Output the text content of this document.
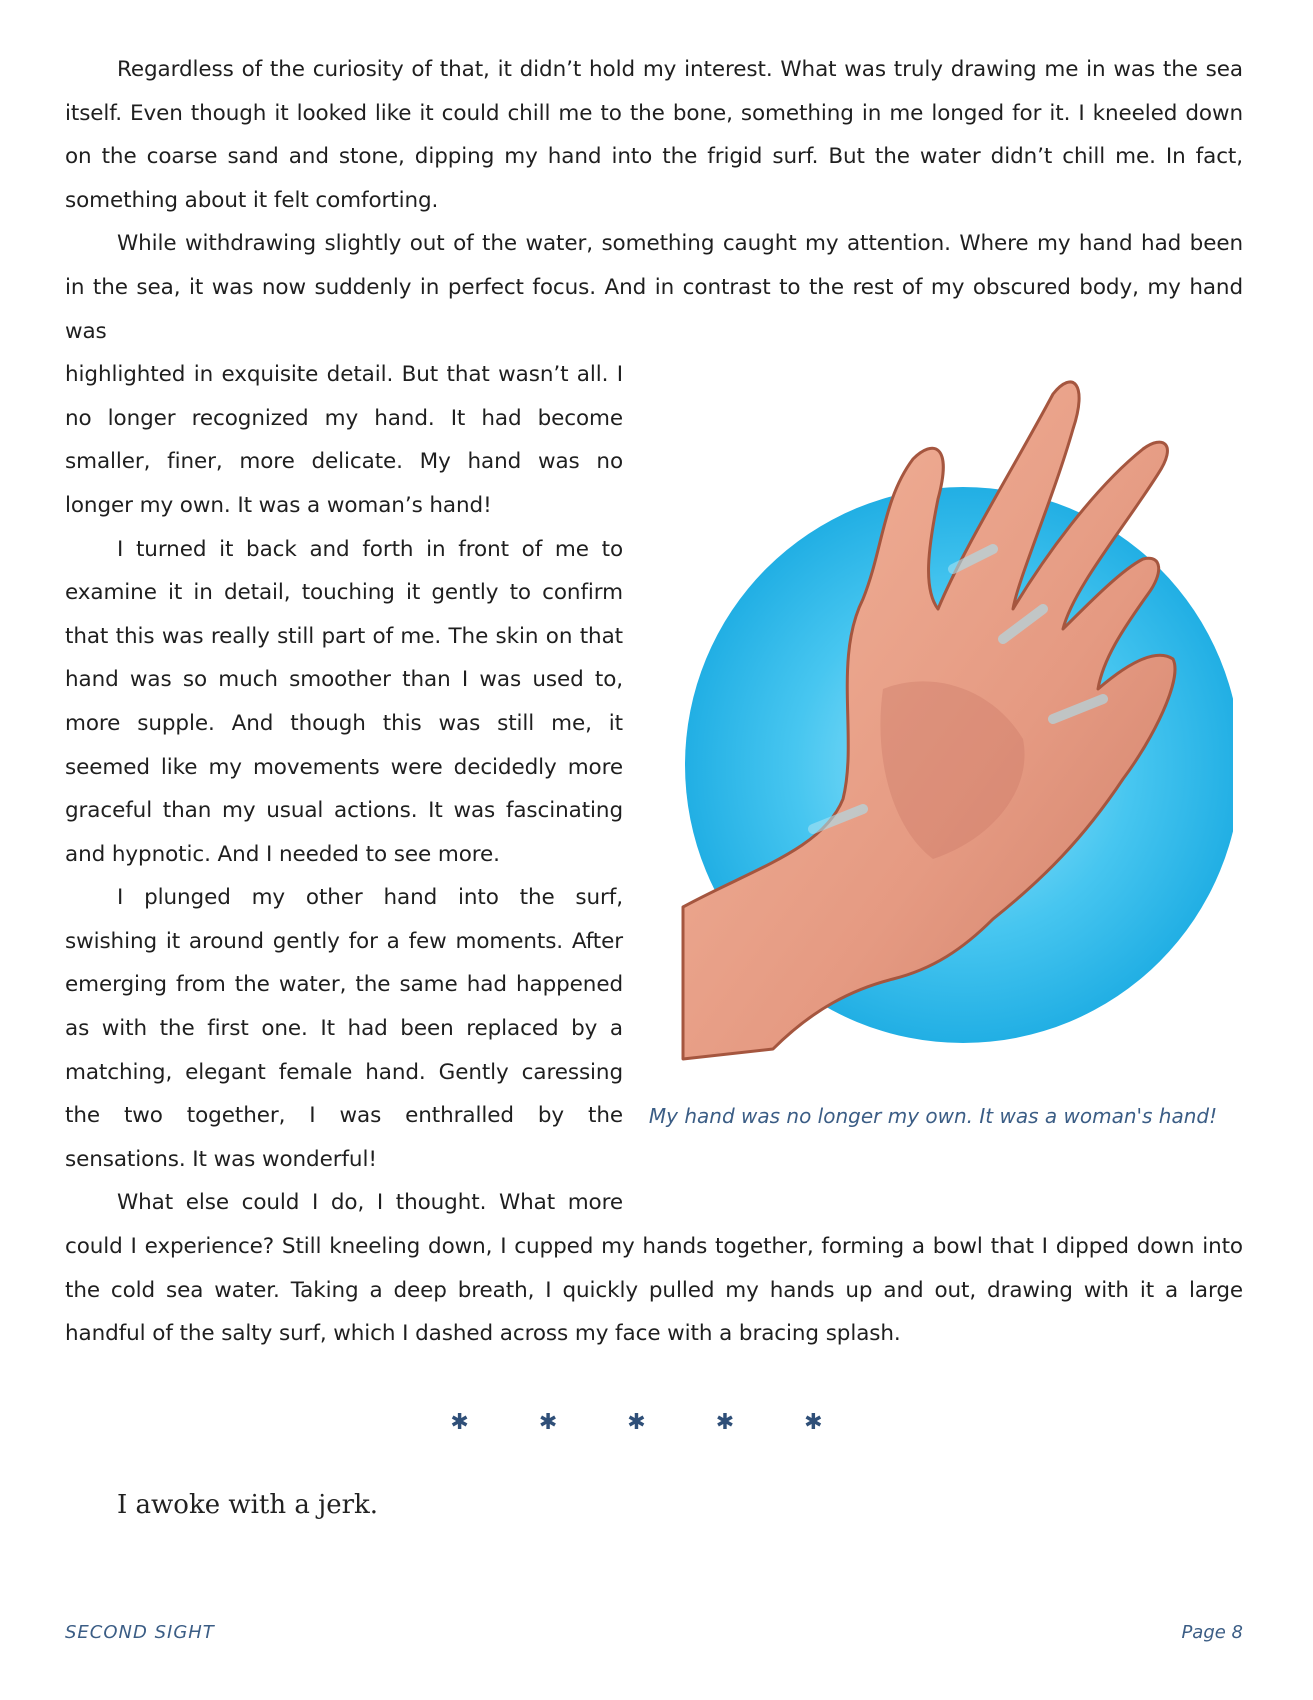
Regardless of the curiosity of that, it didn’t hold my interest. What was truly drawing me in was the sea itself. Even though it looked like it could chill me to the bone, something in me longed for it. I kneeled down on the coarse sand and stone, dipping my hand into the frigid surf. But the water didn’t chill me. In fact, something about it felt comforting.

While withdrawing slightly out of the water, something caught my attention. Where my hand had been in the sea, it was now suddenly in perfect focus. And in contrast to the rest of my obscured body, my hand was

My hand was no longer my own. It was a woman's hand!

highlighted in exquisite detail. But that wasn’t all. I no longer recognized my hand. It had become smaller, finer, more delicate. My hand was no longer my own. It was a woman’s hand!

I turned it back and forth in front of me to examine it in detail, touching it gently to confirm that this was really still part of me. The skin on that hand was so much smoother than I was used to, more supple. And though this was still me, it seemed like my movements were decidedly more graceful than my usual actions. It was fascinating and hypnotic. And I needed to see more.

I plunged my other hand into the surf, swishing it around gently for a few moments. After emerging from the water, the same had happened as with the first one. It had been replaced by a matching, elegant female hand. Gently caressing the two together, I was enthralled by the sensations. It was wonderful!

What else could I do, I thought. What more could I experience? Still kneeling down, I cupped my hands together, forming a bowl that I dipped down into the cold sea water. Taking a deep breath, I quickly pulled my hands up and out, drawing with it a large handful of the salty surf, which I dashed across my face with a bracing splash.

✱ ✱ ✱ ✱ ✱
I awoke with a jerk.
SECOND SIGHT	Page 8
